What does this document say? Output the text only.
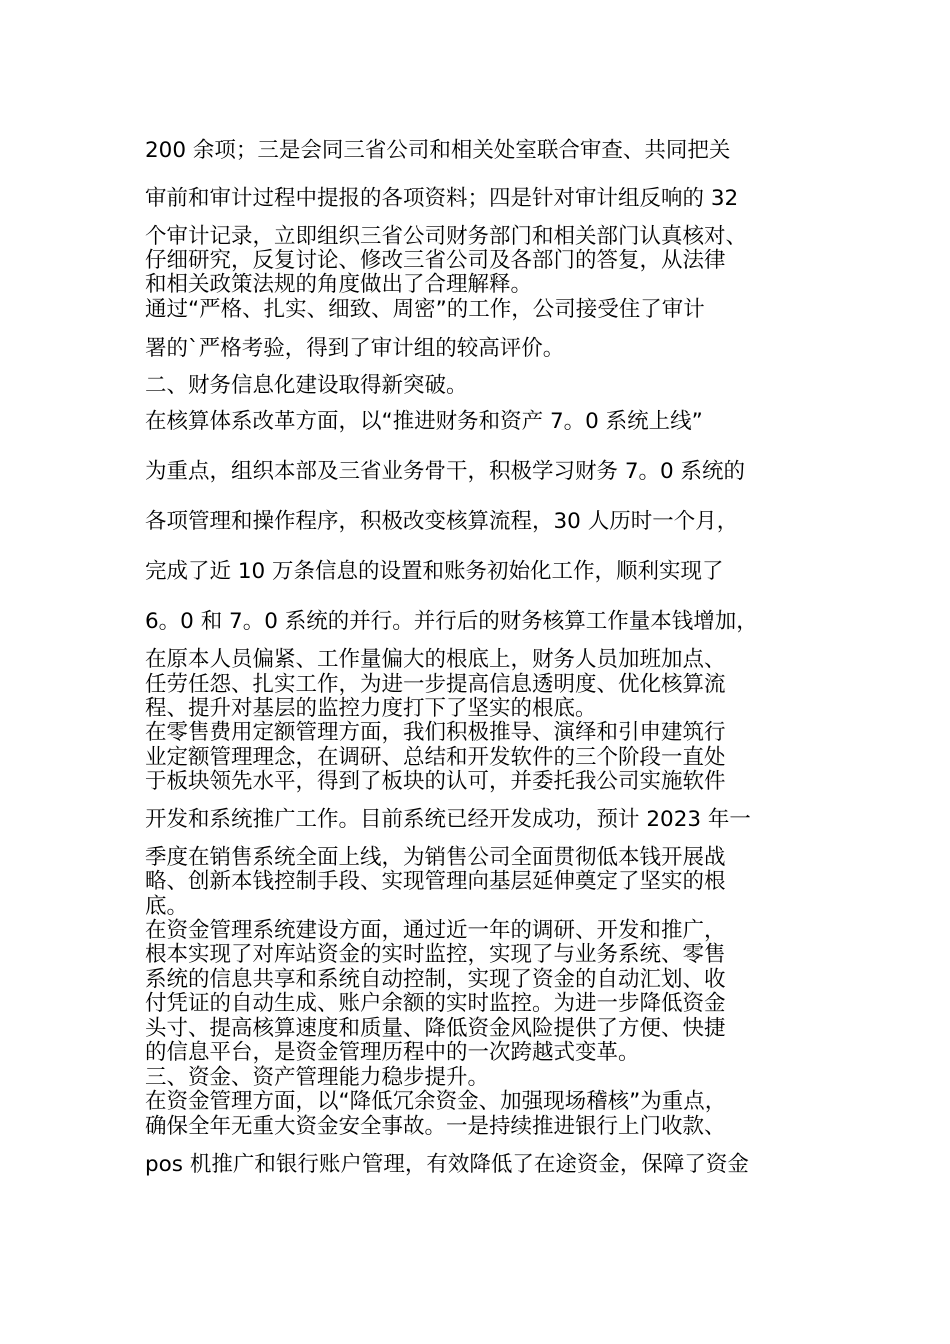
200 余项；三是会同三省公司和相关处室联合审查、共同把关
审前和审计过程中提报的各项资料；四是针对审计组反响的 32
个审计记录，立即组织三省公司财务部门和相关部门认真核对、
仔细研究，反复讨论、修改三省公司及各部门的答复，从法律
和相关政策法规的角度做出了合理解释。
通过“严格、扎实、细致、周密”的工作，公司接受住了审计
署的`严格考验，得到了审计组的较高评价。
二、财务信息化建设取得新突破。
在核算体系改革方面，以“推进财务和资产 7。0 系统上线”
为重点，组织本部及三省业务骨干，积极学习财务 7。0 系统的
各项管理和操作程序，积极改变核算流程，30 人历时一个月，
完成了近 10 万条信息的设置和账务初始化工作，顺利实现了
6。0 和 7。0 系统的并行。并行后的财务核算工作量本钱增加，
在原本人员偏紧、工作量偏大的根底上，财务人员加班加点、
任劳任怨、扎实工作，为进一步提高信息透明度、优化核算流
程、提升对基层的监控力度打下了坚实的根底。
在零售费用定额管理方面，我们积极推导、演绎和引申建筑行
业定额管理理念，在调研、总结和开发软件的三个阶段一直处
于板块领先水平，得到了板块的认可，并委托我公司实施软件
开发和系统推广工作。目前系统已经开发成功，预计 2023 年一
季度在销售系统全面上线，为销售公司全面贯彻低本钱开展战
略、创新本钱控制手段、实现管理向基层延伸奠定了坚实的根
底。
在资金管理系统建设方面，通过近一年的调研、开发和推广，
根本实现了对库站资金的实时监控，实现了与业务系统、零售
系统的信息共享和系统自动控制，实现了资金的自动汇划、收
付凭证的自动生成、账户余额的实时监控。为进一步降低资金
头寸、提高核算速度和质量、降低资金风险提供了方便、快捷
的信息平台，是资金管理历程中的一次跨越式变革。
三、资金、资产管理能力稳步提升。
在资金管理方面，以“降低冗余资金、加强现场稽核”为重点，
确保全年无重大资金安全事故。一是持续推进银行上门收款、
pos 机推广和银行账户管理，有效降低了在途资金，保障了资金
